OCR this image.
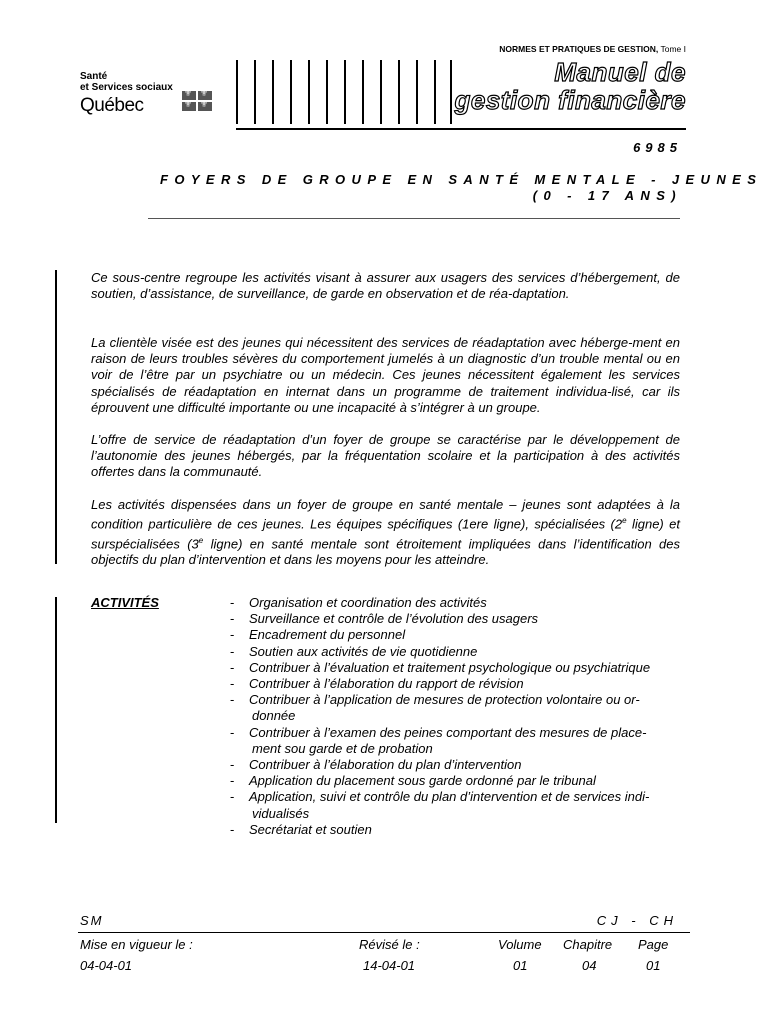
NORMES ET PRATIQUES DE GESTION, Tome I
Santé
et Services sociaux
Québec
⚜
⚜
⚜
⚜
Manuel de
gestion financière
6985
FOYERS DE GROUPE EN SANTÉ MENTALE - JEUNES
(0 - 17 ANS)
Ce sous-centre regroupe les activités visant à assurer aux usagers des services d’hébergement, de soutien, d’assistance, de surveillance, de garde en observation et de réa-daptation.
La clientèle visée est des jeunes qui nécessitent des services de réadaptation avec héberge-ment en raison de leurs troubles sévères du comportement jumelés à un diagnostic d’un trouble mental ou en voir de l’être par un psychiatre ou un médecin. Ces jeunes nécessitent également les services spécialisés de réadaptation en internat dans un programme de traitement individua-lisé, car ils éprouvent une difficulté importante ou une incapacité à s’intégrer à un groupe.
L’offre de service de réadaptation d’un foyer de groupe se caractérise par le développement de l’autonomie des jeunes hébergés, par la fréquentation scolaire et la participation à des activités offertes dans la communauté.
Les activités dispensées dans un foyer de groupe en santé mentale – jeunes sont adaptées à la condition particulière de ces jeunes. Les équipes spécifiques (1ere ligne), spécialisées (2e ligne) et surspécialisées (3e ligne) en santé mentale sont étroitement impliquées dans l’identification des objectifs du plan d’intervention et dans les moyens pour les atteindre.
ACTIVITÉS
-	Organisation et coordination des activités
- Surveillance et contrôle de l’évolution des usagers
- Encadrement du personnel
- Soutien aux activités de vie quotidienne
- Contribuer à l’évaluation et traitement psychologique ou psychiatrique
- Contribuer à l’élaboration du rapport de révision
- Contribuer à l’application de mesures de protection volontaire ou or-
donnée
- Contribuer à l’examen des peines comportant des mesures de place-
ment sou garde et de probation
- Contribuer à l’élaboration du plan d’intervention
- Application du placement sous garde ordonné par le tribunal
- Application, suivi et contrôle du plan d’intervention et de services indi-
vidualisés
- Secrétariat et soutien
SM	CJ - CH
Mise en vigueur le :	Révisé le :	Volume Chapitre Page
04-04-01	14-04-01	01	04	01
